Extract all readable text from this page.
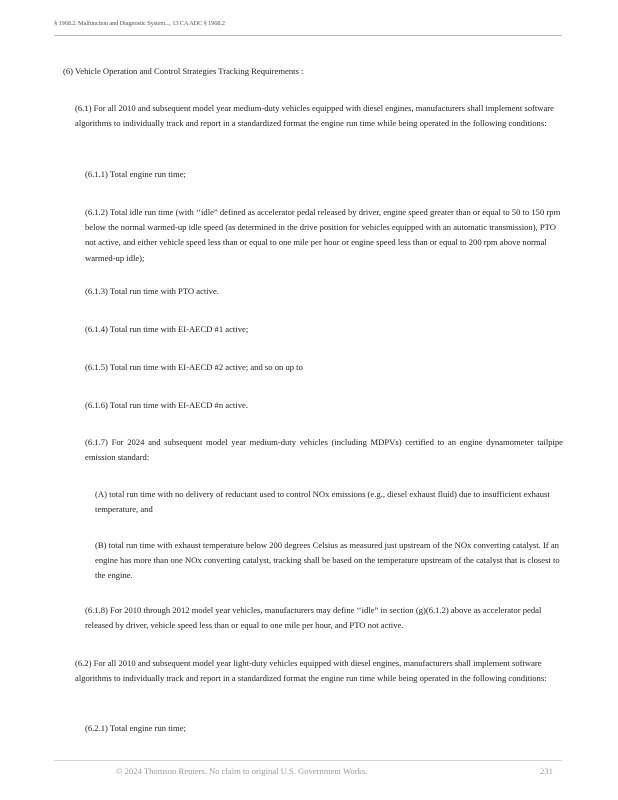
§ 1968.2. Malfunction and Diagnostic System..., 13 CA ADC § 1968.2

(6) Vehicle Operation and Control Strategies Tracking Requirements :

(6.1) For all 2010 and subsequent model year medium-duty vehicles equipped with diesel engines, manufacturers shall implement software algorithms to individually track and report in a standardized format the engine run time while being operated in the following conditions:

(6.1.1) Total engine run time;

(6.1.2) Total idle run time (with ‘‘idle” defined as accelerator pedal released by driver, engine speed greater than or equal to 50 to 150 rpm below the normal warmed-up idle speed (as determined in the drive position for vehicles equipped with an automatic transmission), PTO not active, and either vehicle speed less than or equal to one mile per hour or engine speed less than or equal to 200 rpm above normal warmed-up idle);

(6.1.3) Total run time with PTO active.

(6.1.4) Total run time with EI-AECD #1 active;

(6.1.5) Total run time with EI-AECD #2 active; and so on up to

(6.1.6) Total run time with EI-AECD #n active.

(6.1.7) For 2024 and subsequent model year medium-duty vehicles (including MDPVs) certified to an engine dynamometer tailpipe emission standard:

(A) total run time with no delivery of reductant used to control NOx emissions (e.g., diesel exhaust fluid) due to insufficient exhaust temperature, and

(B) total run time with exhaust temperature below 200 degrees Celsius as measured just upstream of the NOx converting catalyst. If an engine has more than one NOx converting catalyst, tracking shall be based on the temperature upstream of the catalyst that is closest to the engine.

(6.1.8) For 2010 through 2012 model year vehicles, manufacturers may define ‘‘idle” in section (g)(6.1.2) above as accelerator pedal released by driver, vehicle speed less than or equal to one mile per hour, and PTO not active.

(6.2) For all 2010 and subsequent model year light-duty vehicles equipped with diesel engines, manufacturers shall implement software algorithms to individually track and report in a standardized format the engine run time while being operated in the following conditions:

(6.2.1) Total engine run time;

© 2024 Thomson Reuters. No claim to original U.S. Government Works.	231
